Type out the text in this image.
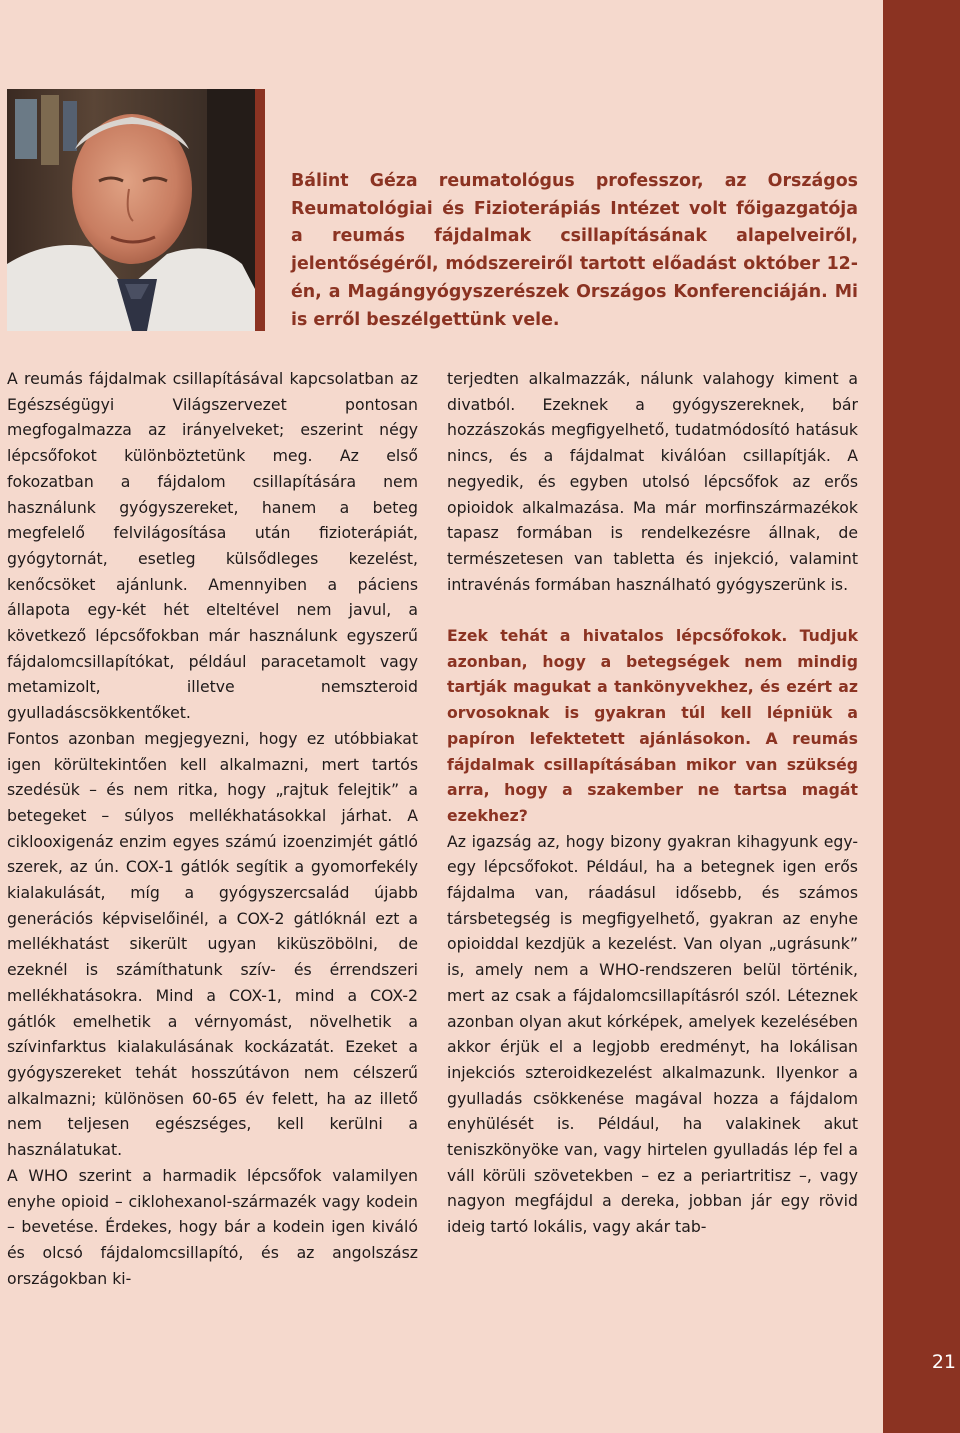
21
Bálint Géza reumatológus professzor, az Országos Reumatológiai és Fizioterápiás Intézet volt főigazgatója a reumás fájdalmak csillapításának alapelveiről, jelentőségéről, módszereiről tartott előadást október 12-én, a Magángyógyszerészek Országos Konferenciáján. Mi is erről beszélgettünk vele.

A reumás fájdalmak csillapításával kapcsolatban az Egészségügyi Világszervezet pontosan megfogalmazza az irányelveket; eszerint négy lépcsőfokot különböztetünk meg. Az első fokozatban a fájdalom csillapítására nem használunk gyógyszereket, hanem a beteg megfelelő felvilágosítása után fizioterápiát, gyógytornát, esetleg külsődleges kezelést, kenőcsöket ajánlunk. Amennyiben a páciens állapota egy-két hét elteltével nem javul, a következő lépcsőfokban már használunk egyszerű fájdalomcsillapítókat, például paracetamolt vagy metamizolt, illetve nemszteroid gyulladáscsökkentőket.

Fontos azonban megjegyezni, hogy ez utóbbiakat igen körültekintően kell alkalmazni, mert tartós szedésük – és nem ritka, hogy „rajtuk felejtik” a betegeket – súlyos mellékhatásokkal járhat. A ciklooxigenáz enzim egyes számú izoenzimjét gátló szerek, az ún. COX-1 gátlók segítik a gyomorfekély kialakulását, míg a gyógyszercsalád újabb generációs képviselőinél, a COX-2 gátlóknál ezt a mellékhatást sikerült ugyan kiküszöbölni, de ezeknél is számíthatunk szív- és érrendszeri mellékhatásokra. Mind a COX-1, mind a COX-2 gátlók emelhetik a vérnyomást, növelhetik a szívinfarktus kialakulásának kockázatát. Ezeket a gyógyszereket tehát hosszútávon nem célszerű alkalmazni; különösen 60-65 év felett, ha az illető nem teljesen egészséges, kell kerülni a használatukat.

A WHO szerint a harmadik lépcsőfok valamilyen enyhe opioid – ciklohexanol-származék vagy kodein – bevetése. Érdekes, hogy bár a kodein igen kiváló és olcsó fájdalomcsillapító, és az angolszász országokban ki-

terjedten alkalmazzák, nálunk valahogy kiment a divatból. Ezeknek a gyógyszereknek, bár hozzászokás megfigyelhető, tudatmódosító hatásuk nincs, és a fájdalmat kiválóan csillapítják. A negyedik, és egyben utolsó lépcsőfok az erős opioidok alkalmazása. Ma már morfinszármazékok tapasz formában is rendelkezésre állnak, de természetesen van tabletta és injekció, valamint intravénás formában használható gyógyszerünk is.

Ezek tehát a hivatalos lépcsőfokok. Tudjuk azonban, hogy a betegségek nem mindig tartják magukat a tankönyvekhez, és ezért az orvosoknak is gyakran túl kell lépniük a papíron lefektetett ajánlásokon. A reumás fájdalmak csillapításában mikor van szükség arra, hogy a szakember ne tartsa magát ezekhez?

Az igazság az, hogy bizony gyakran kihagyunk egy-egy lépcsőfokot. Például, ha a betegnek igen erős fájdalma van, ráadásul idősebb, és számos társbetegség is megfigyelhető, gyakran az enyhe opioiddal kezdjük a kezelést. Van olyan „ugrásunk” is, amely nem a WHO-rendszeren belül történik, mert az csak a fájdalomcsillapításról szól. Léteznek azonban olyan akut kórképek, amelyek kezelésében akkor érjük el a legjobb eredményt, ha lokálisan injekciós szteroidkezelést alkalmazunk. Ilyenkor a gyulladás csökkenése magával hozza a fájdalom enyhülését is. Például, ha valakinek akut teniszkönyöke van, vagy hirtelen gyulladás lép fel a váll körüli szövetekben – ez a periartritisz –, vagy nagyon megfájdul a dereka, jobban jár egy rövid ideig tartó lokális, vagy akár tab-
